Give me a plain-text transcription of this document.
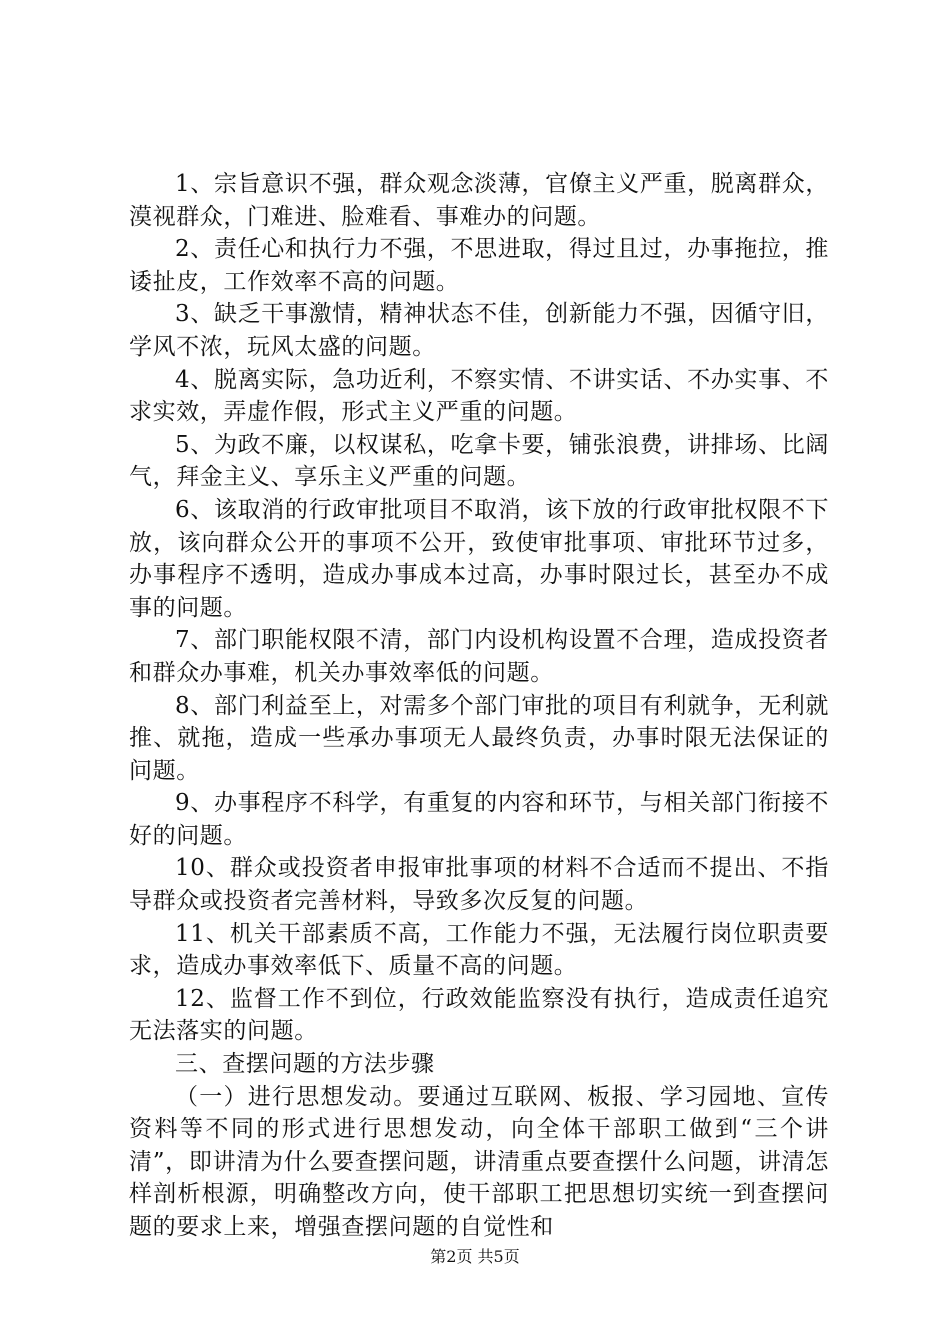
1、宗旨意识不强，群众观念淡薄，官僚主义严重，脱离群众，漠视群众，门难进、脸难看、事难办的问题。

2、责任心和执行力不强，不思进取，得过且过，办事拖拉，推诿扯皮，工作效率不高的问题。

3、缺乏干事激情，精神状态不佳，创新能力不强，因循守旧，学风不浓，玩风太盛的问题。

4、脱离实际，急功近利，不察实情、不讲实话、不办实事、不求实效，弄虚作假，形式主义严重的问题。

5、为政不廉，以权谋私，吃拿卡要，铺张浪费，讲排场、比阔气，拜金主义、享乐主义严重的问题。

6、该取消的行政审批项目不取消，该下放的行政审批权限不下放，该向群众公开的事项不公开，致使审批事项、审批环节过多，办事程序不透明，造成办事成本过高，办事时限过长，甚至办不成事的问题。

7、部门职能权限不清，部门内设机构设置不合理，造成投资者和群众办事难，机关办事效率低的问题。

8、部门利益至上，对需多个部门审批的项目有利就争，无利就推、就拖，造成一些承办事项无人最终负责，办事时限无法保证的问题。

9、办事程序不科学，有重复的内容和环节，与相关部门衔接不好的问题。

10、群众或投资者申报审批事项的材料不合适而不提出、不指导群众或投资者完善材料，导致多次反复的问题。

11、机关干部素质不高，工作能力不强，无法履行岗位职责要求，造成办事效率低下、质量不高的问题。

12、监督工作不到位，行政效能监察没有执行，造成责任追究无法落实的问题。

三、查摆问题的方法步骤

（一）进行思想发动。要通过互联网、板报、学习园地、宣传资料等不同的形式进行思想发动，向全体干部职工做到“三个讲清”，即讲清为什么要查摆问题，讲清重点要查摆什么问题，讲清怎样剖析根源，明确整改方向，使干部职工把思想切实统一到查摆问题的要求上来，增强查摆问题的自觉性和

第2页 共5页
